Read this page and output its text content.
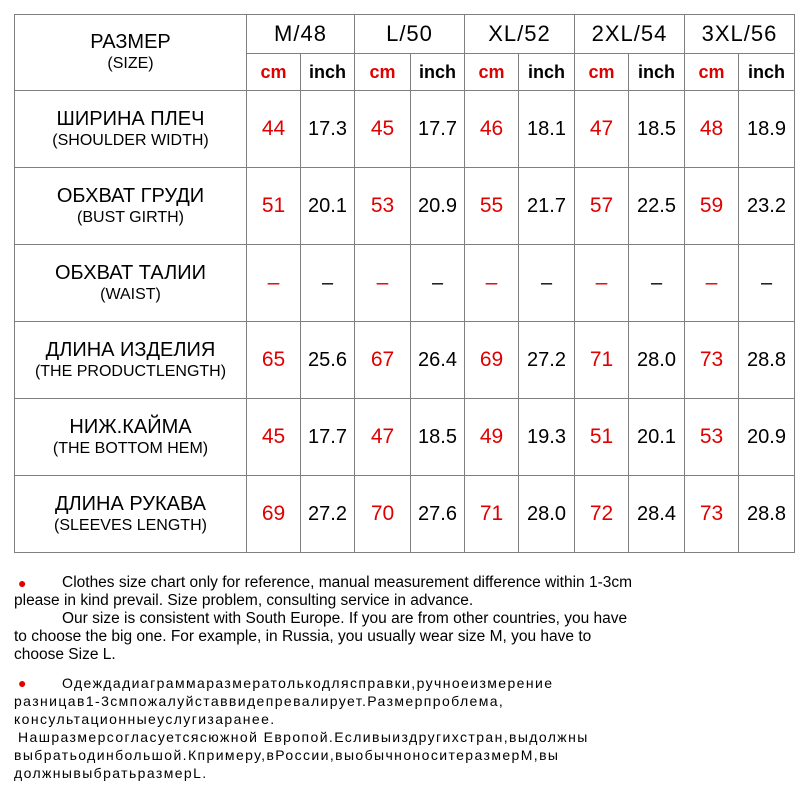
РАЗМЕР
(SIZE)	M/48		L/50		XL/52		2XL/54		3XL/56	
	cm	inch	cm	inch	cm	inch	cm	inch	cm	inch

ШИРИНА ПЛЕЧ
(SHOULDER WIDTH)	44	17.3	45	17.7	46	18.1	47	18.5	48	18.9

ОБХВАТ ГРУДИ
(BUST GIRTH)	51	20.1	53	20.9	55	21.7	57	22.5	59	23.2

ОБХВАТ ТАЛИИ
(WAIST)	–	–	–	–	–	–	–	–	–	–

ДЛИНА ИЗДЕЛИЯ
(THE PRODUCTLENGTH)	65	25.6	67	26.4	69	27.2	71	28.0	73	28.8

НИЖ.КАЙМА
(THE BOTTOM HEM)	45	17.7	47	18.5	49	19.3	51	20.1	53	20.9

ДЛИНА РУКАВА
(SLEEVES LENGTH)	69	27.2	70	27.6	71	28.0	72	28.4	73	28.8
● Clothes size chart only for reference, manual measurement difference within 1-3cm
please in kind prevail. Size problem, consulting service in advance.

Our size is consistent with South Europe. If you are from other countries, you have
to choose the big one. For example, in Russia, you usually wear size M, you have to
choose Size L.
● Одеждадиаграммаразмератолькодлясправки,ручноеизмерение
разницав1-3смпожалуйставвидепревалирует.Размерпроблема,
консультационныеуслугизаранее.

Нашразмерсогласуетсясюжной Европой.Есливыиздругихстран,выдолжны
выбратьодинбольшой.Кпримеру,вРоссии,выобычноноситеразмерM,вы
должнывыбратьразмерL.
